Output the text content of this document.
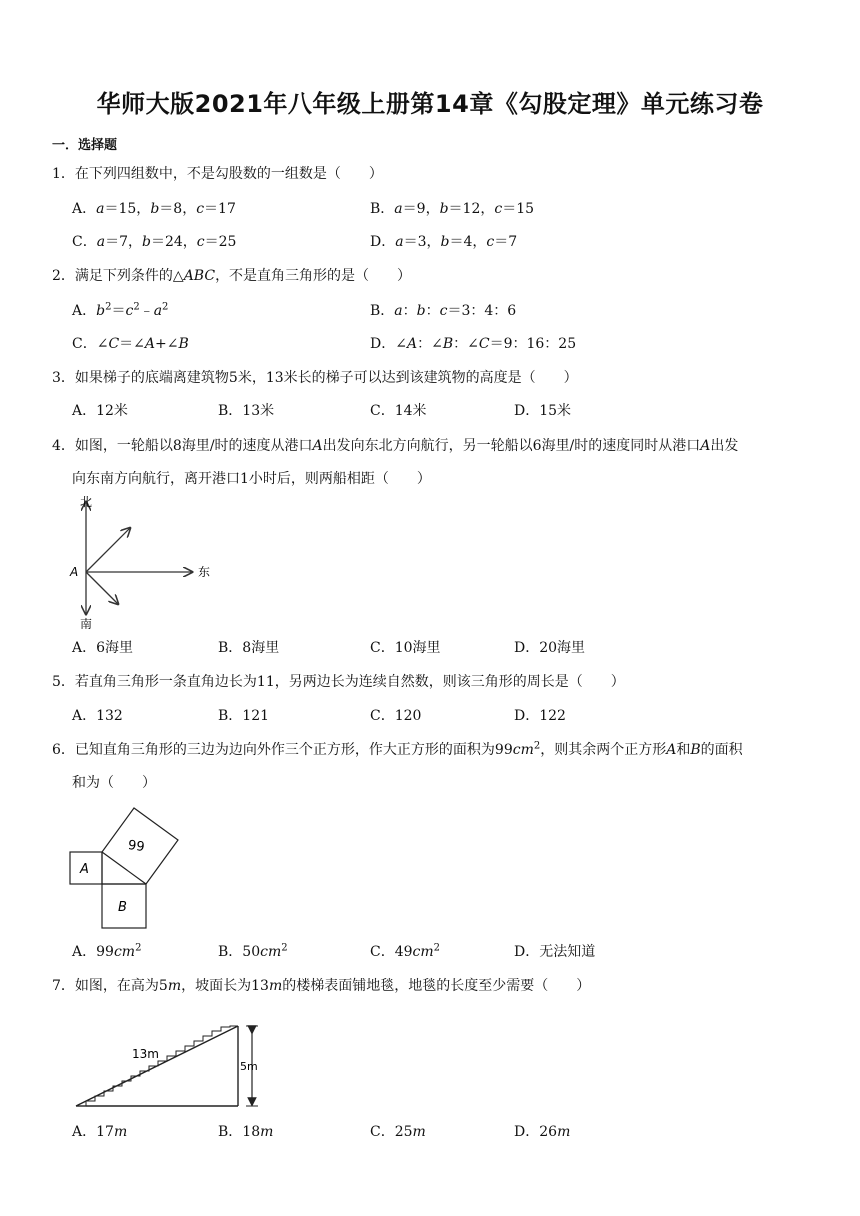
华师大版2021年八年级上册第14章《勾股定理》单元练习卷
一．选择题
1．在下列四组数中，不是勾股数的一组数是（　　）
A．a＝15，b＝8，c＝17	B．a＝9，b＝12，c＝15
C．a＝7，b＝24，c＝25	D．a＝3，b＝4，c＝7
2．满足下列条件的△ABC，不是直角三角形的是（　　）
A．$b^2=c^2﹣a^2$	B．a：b：c＝3：4：6
C．∠C＝∠A+∠B	D．∠A：∠B：∠C＝9：16：25
3．如果梯子的底端离建筑物5米，13米长的梯子可以达到该建筑物的高度是（　　）
A．12米	B．13米	C．14米	D．15米
4．如图，一轮船以8海里/时的速度从港口A出发向东北方向航行，另一轮船以6海里/时的速度同时从港口A出发
向东南方向航行，离开港口1小时后，则两船相距（　　）
北
东
南
A
A．6海里	B．8海里	C．10海里	D．20海里
5．若直角三角形一条直角边长为11，另两边长为连续自然数，则该三角形的周长是（　　）
A．132	B．121	C．120	D．122
6．已知直角三角形的三边为边向外作三个正方形，作大正方形的面积为$99cm^2$，则其余两个正方形A和B的面积
和为（　　）
A
B
99
A．$99cm^2$	B．$50cm^2$	C．$49cm^2$	D．无法知道
7．如图，在高为5m，坡面长为13m的楼梯表面铺地毯，地毯的长度至少需要（　　）
13m
5m
A．17m	B．18m	C．25m	D．26m
